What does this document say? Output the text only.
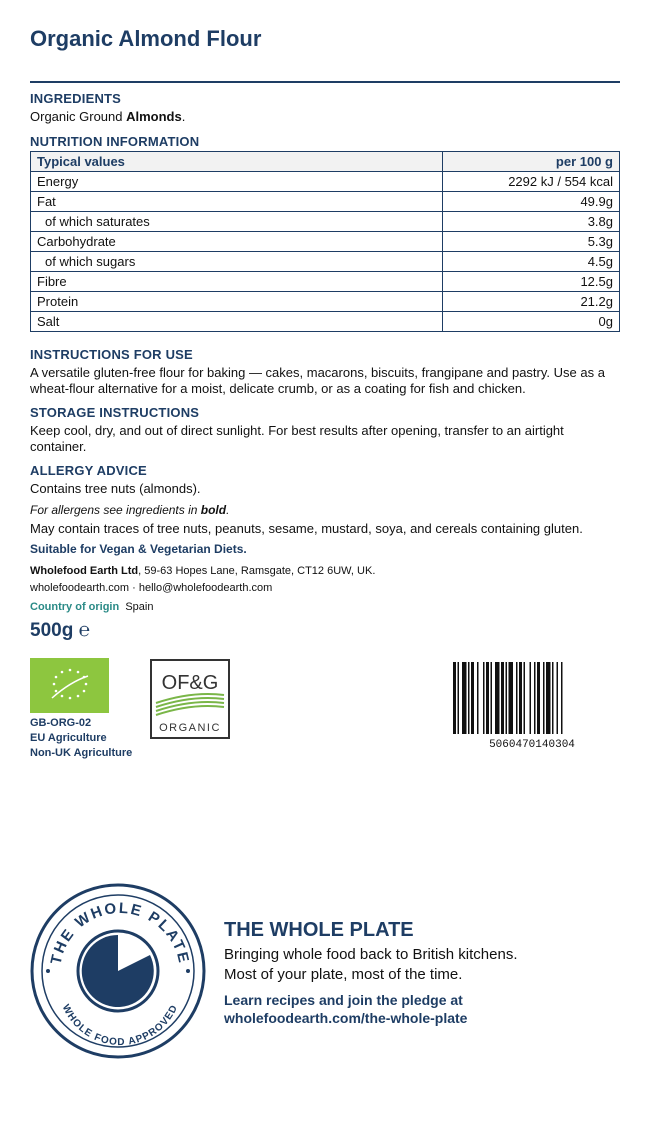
Organic Almond Flour
INGREDIENTS

Organic Ground Almonds.

NUTRITION INFORMATION
Typical values	per 100 g
Energy	2292 kJ / 554 kcal
Fat	49.9g
of which saturates	3.8g
Carbohydrate	5.3g
of which sugars	4.5g
Fibre	12.5g
Protein	21.2g
Salt	0g
INSTRUCTIONS FOR USE

A versatile gluten-free flour for baking — cakes, macarons, biscuits, frangipane and pastry. Use as a wheat-flour alternative for a moist, delicate crumb, or as a coating for fish and chicken.

STORAGE INSTRUCTIONS

Keep cool, dry, and out of direct sunlight. For best results after opening, transfer to an airtight container.

ALLERGY ADVICE

Contains tree nuts (almonds).

For allergens see ingredients in bold.

May contain traces of tree nuts, peanuts, sesame, mustard, soya, and cereals containing gluten.

Suitable for Vegan & Vegetarian Diets.

Wholefood Earth Ltd, 59-63 Hopes Lane, Ramsgate, CT12 6UW, UK.

wholefoodearth.com · hello@wholefoodearth.com

Country of origin Spain

500g ℮
GB-ORG-02
EU Agriculture
Non-UK Agriculture
OF&G
ORGANIC
5060470140304
THE WHOLE PLATE
WHOLE FOOD APPROVED
THE WHOLE PLATE

Bringing whole food back to British kitchens.

Most of your plate, most of the time.

Learn recipes and join the pledge at
wholefoodearth.com/the-whole-plate
